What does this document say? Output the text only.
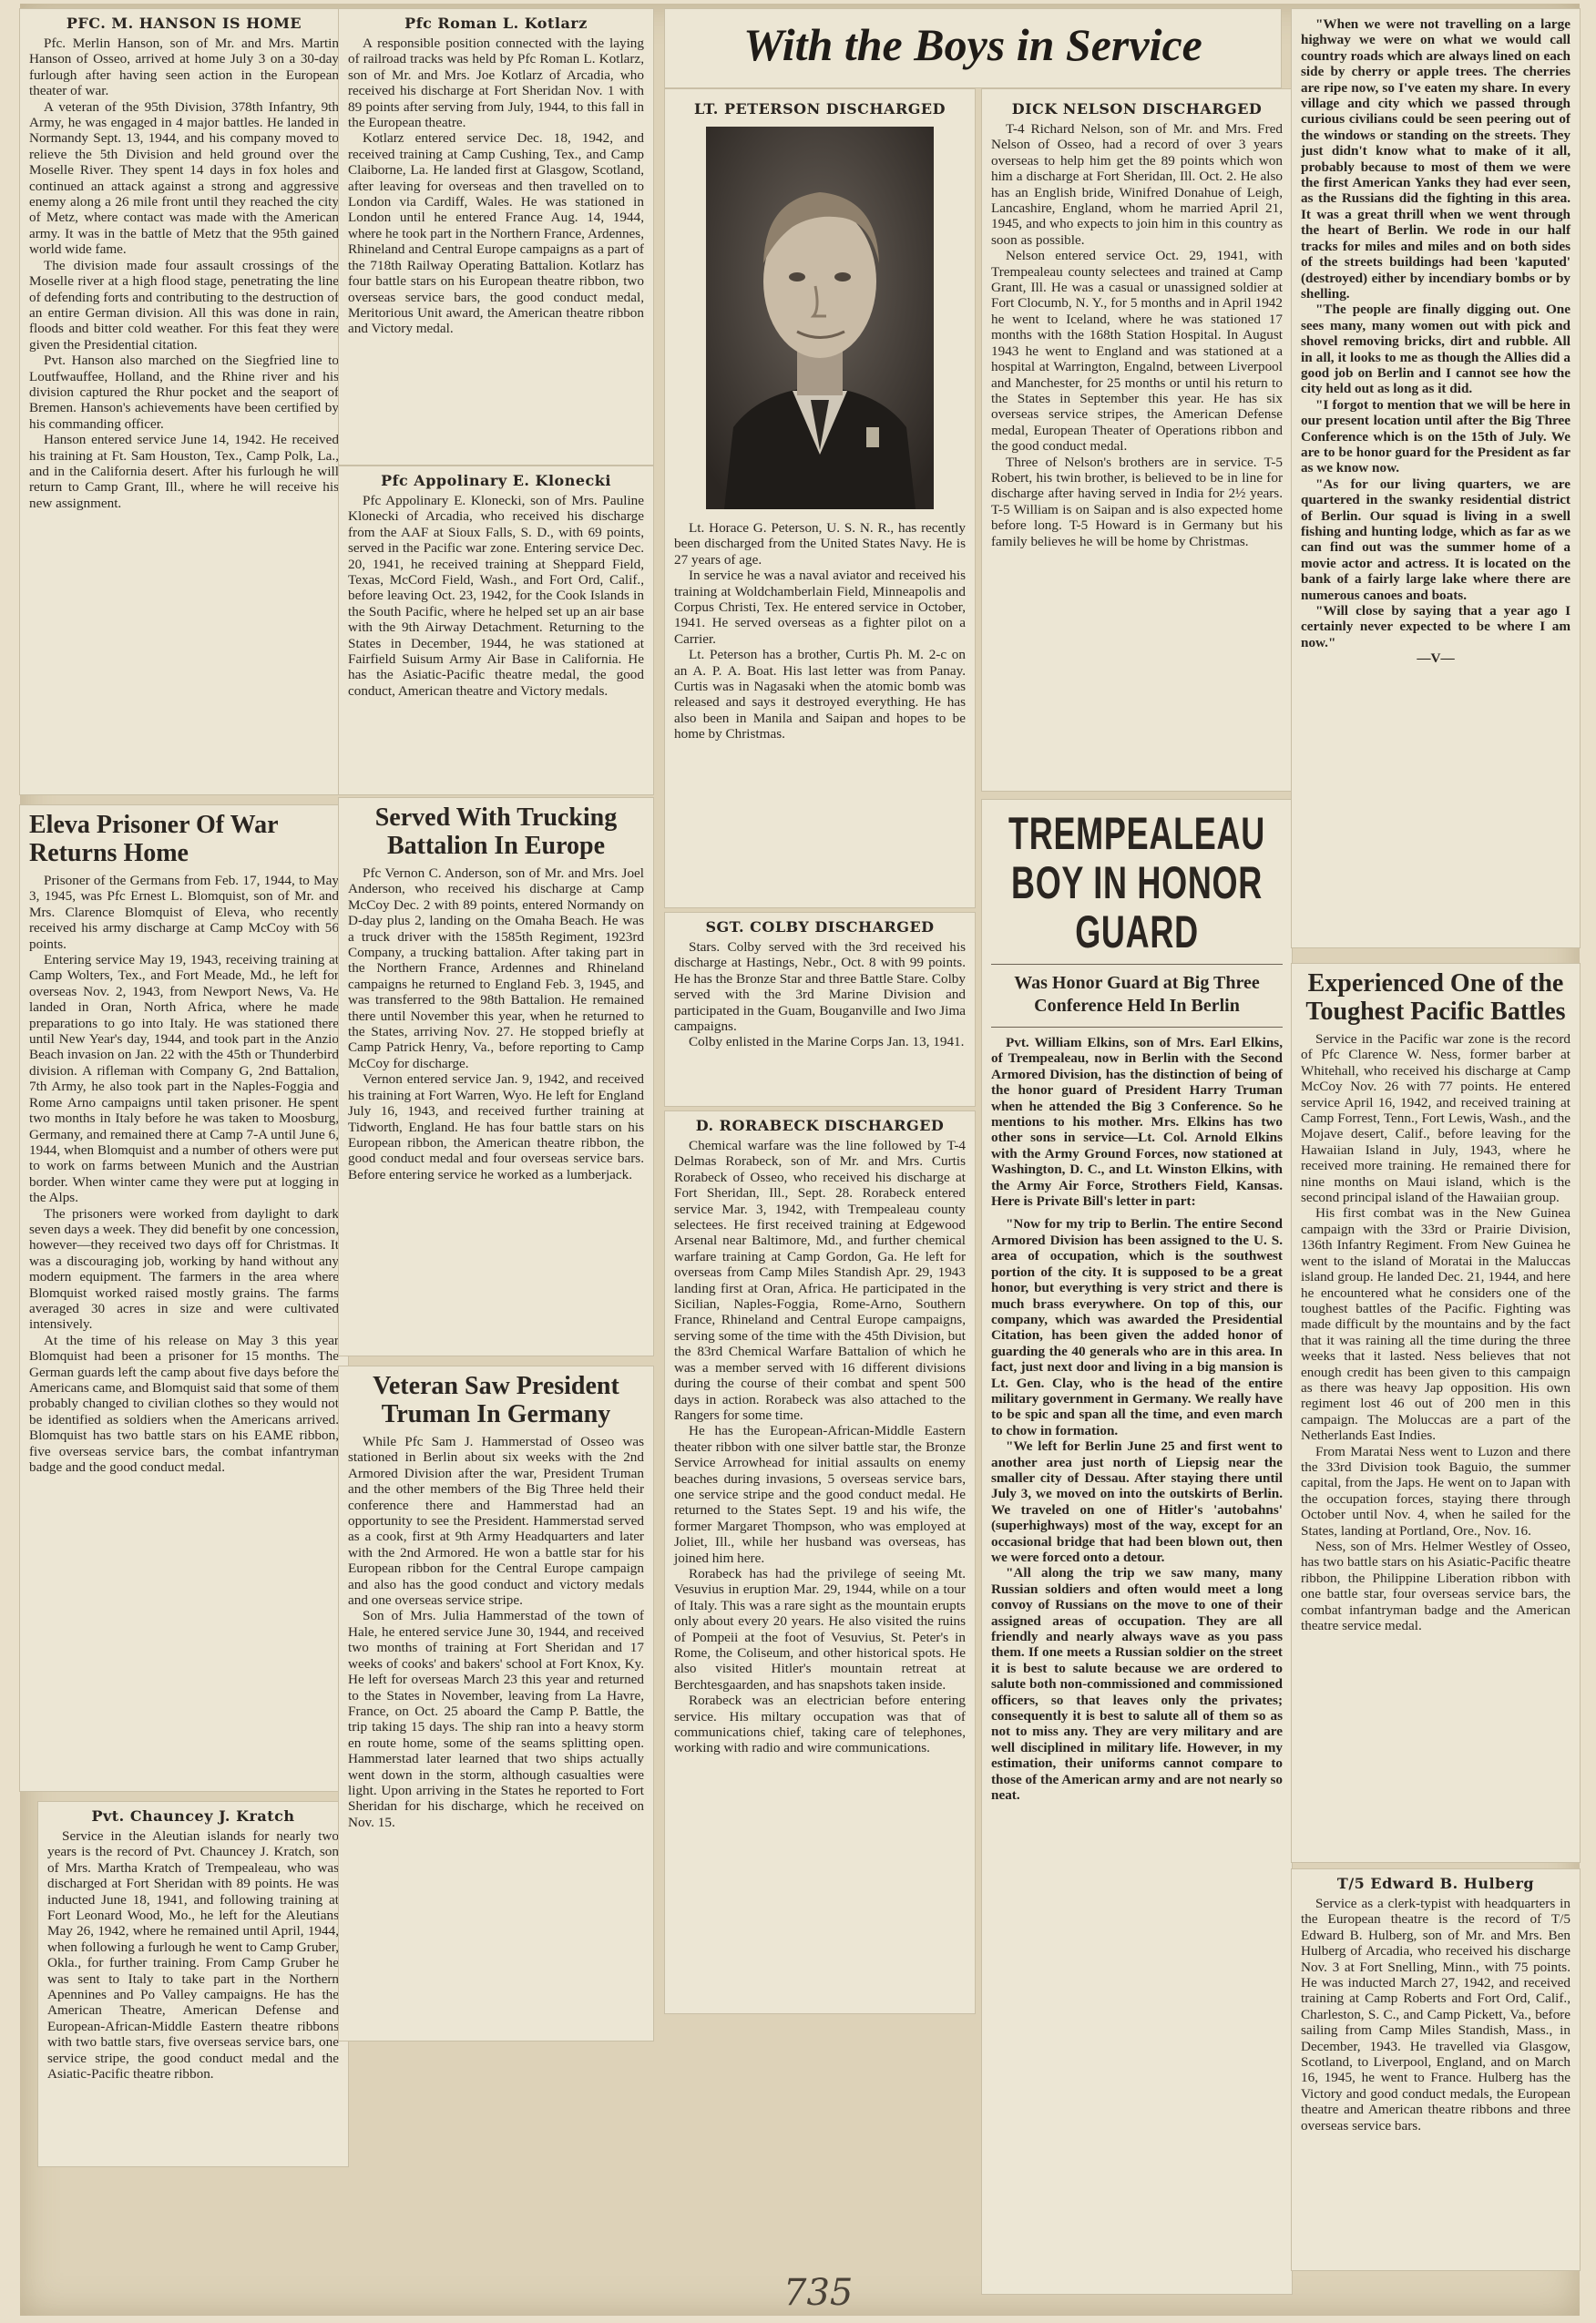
PFC. M. HANSON IS HOME

Pfc. Merlin Hanson, son of Mr. and Mrs. Martin Hanson of Osseo, arrived at home July 3 on a 30-day furlough after having seen action in the European theater of war.

A veteran of the 95th Division, 378th Infantry, 9th Army, he was engaged in 4 major battles. He landed in Normandy Sept. 13, 1944, and his company moved to relieve the 5th Division and held ground over the Moselle River. They spent 14 days in fox holes and continued an attack against a strong and aggressive enemy along a 26 mile front until they reached the city of Metz, where contact was made with the American army. It was in the battle of Metz that the 95th gained world wide fame.

The division made four assault crossings of the Moselle river at a high flood stage, penetrating the line of defending forts and contributing to the destruction of an entire German division. All this was done in rain, floods and bitter cold weather. For this feat they were given the Presidential citation.

Pvt. Hanson also marched on the Siegfried line to Loutfwauffee, Holland, and the Rhine river and his division captured the Rhur pocket and the seaport of Bremen. Hanson's achievements have been certified by his commanding officer.

Hanson entered service June 14, 1942. He received his training at Ft. Sam Houston, Tex., Camp Polk, La., and in the California desert. After his furlough he will return to Camp Grant, Ill., where he will receive his new assignment.

Eleva Prisoner Of War Returns Home

Prisoner of the Germans from Feb. 17, 1944, to May 3, 1945, was Pfc Ernest L. Blomquist, son of Mr. and Mrs. Clarence Blomquist of Eleva, who recently received his army discharge at Camp McCoy with 56 points.

Entering service May 19, 1943, receiving training at Camp Wolters, Tex., and Fort Meade, Md., he left for overseas Nov. 2, 1943, from Newport News, Va. He landed in Oran, North Africa, where he made preparations to go into Italy. He was stationed there until New Year's day, 1944, and took part in the Anzio Beach invasion on Jan. 22 with the 45th or Thunderbird division. A rifleman with Company G, 2nd Battalion, 7th Army, he also took part in the Naples-Foggia and Rome Arno campaigns until taken prisoner. He spent two months in Italy before he was taken to Moosburg, Germany, and remained there at Camp 7-A until June 6, 1944, when Blomquist and a number of others were put to work on farms between Munich and the Austrian border. When winter came they were put at logging in the Alps.

The prisoners were worked from daylight to dark seven days a week. They did benefit by one concession, however—they received two days off for Christmas. It was a discouraging job, working by hand without any modern equipment. The farmers in the area where Blomquist worked raised mostly grains. The farms averaged 30 acres in size and were cultivated intensively.

At the time of his release on May 3 this year Blomquist had been a prisoner for 15 months. The German guards left the camp about five days before the Americans came, and Blomquist said that some of them probably changed to civilian clothes so they would not be identified as soldiers when the Americans arrived. Blomquist has two battle stars on his EAME ribbon, five overseas service bars, the combat infantryman badge and the good conduct medal.

Pvt. Chauncey J. Kratch

Service in the Aleutian islands for nearly two years is the record of Pvt. Chauncey J. Kratch, son of Mrs. Martha Kratch of Trempealeau, who was discharged at Fort Sheridan with 89 points. He was inducted June 18, 1941, and following training at Fort Leonard Wood, Mo., he left for the Aleutians May 26, 1942, where he remained until April, 1944, when following a furlough he went to Camp Gruber, Okla., for further training. From Camp Gruber he was sent to Italy to take part in the Northern Apennines and Po Valley campaigns. He has the American Theatre, American Defense and European-African-Middle Eastern theatre ribbons with two battle stars, five overseas service bars, one service stripe, the good conduct medal and the Asiatic-Pacific theatre ribbon.

Pfc Roman L. Kotlarz

A responsible position connected with the laying of railroad tracks was held by Pfc Roman L. Kotlarz, son of Mr. and Mrs. Joe Kotlarz of Arcadia, who received his discharge at Fort Sheridan Nov. 1 with 89 points after serving from July, 1944, to this fall in the European theatre.

Kotlarz entered service Dec. 18, 1942, and received training at Camp Cushing, Tex., and Camp Claiborne, La. He landed first at Glasgow, Scotland, after leaving for overseas and then travelled on to London via Cardiff, Wales. He was stationed in London until he entered France Aug. 14, 1944, where he took part in the Northern France, Ardennes, Rhineland and Central Europe campaigns as a part of the 718th Railway Operating Battalion. Kotlarz has four battle stars on his European theatre ribbon, two overseas service bars, the good conduct medal, Meritorious Unit award, the American theatre ribbon and Victory medal.

Pfc Appolinary E. Klonecki

Pfc Appolinary E. Klonecki, son of Mrs. Pauline Klonecki of Arcadia, who received his discharge from the AAF at Sioux Falls, S. D., with 69 points, served in the Pacific war zone. Entering service Dec. 20, 1941, he received training at Sheppard Field, Texas, McCord Field, Wash., and Fort Ord, Calif., before leaving Oct. 23, 1942, for the Cook Islands in the South Pacific, where he helped set up an air base with the 9th Airway Detachment. Returning to the States in December, 1944, he was stationed at Fairfield Suisum Army Air Base in California. He has the Asiatic-Pacific theatre medal, the good conduct, American theatre and Victory medals.

Served With Trucking Battalion In Europe

Pfc Vernon C. Anderson, son of Mr. and Mrs. Joel Anderson, who received his discharge at Camp McCoy Dec. 2 with 89 points, entered Normandy on D-day plus 2, landing on the Omaha Beach. He was a truck driver with the 1585th Regiment, 1923rd Company, a trucking battalion. After taking part in the Northern France, Ardennes and Rhineland campaigns he returned to England Feb. 3, 1945, and was transferred to the 98th Battalion. He remained there until November this year, when he returned to the States, arriving Nov. 27. He stopped briefly at Camp Patrick Henry, Va., before reporting to Camp McCoy for discharge.

Vernon entered service Jan. 9, 1942, and received his training at Fort Warren, Wyo. He left for England July 16, 1943, and received further training at Tidworth, England. He has four battle stars on his European ribbon, the American theatre ribbon, the good conduct medal and four overseas service bars. Before entering service he worked as a lumberjack.

Veteran Saw President Truman In Germany

While Pfc Sam J. Hammerstad of Osseo was stationed in Berlin about six weeks with the 2nd Armored Division after the war, President Truman and the other members of the Big Three held their conference there and Hammerstad had an opportunity to see the President. Hammerstad served as a cook, first at 9th Army Headquarters and later with the 2nd Armored. He won a battle star for his European ribbon for the Central Europe campaign and also has the good conduct and victory medals and one overseas service stripe.

Son of Mrs. Julia Hammerstad of the town of Hale, he entered service June 30, 1944, and received two months of training at Fort Sheridan and 17 weeks of cooks' and bakers' school at Fort Knox, Ky. He left for overseas March 23 this year and returned to the States in November, leaving from La Havre, France, on Oct. 25 aboard the Camp P. Battle, the trip taking 15 days. The ship ran into a heavy storm en route home, some of the seams splitting open. Hammerstad later learned that two ships actually went down in the storm, although casualties were light. Upon arriving in the States he reported to Fort Sheridan for his discharge, which he received on Nov. 15.

With the Boys in Service
LT. PETERSON DISCHARGED

Lt. Horace G. Peterson, U. S. N. R., has recently been discharged from the United States Navy. He is 27 years of age.

In service he was a naval aviator and received his training at Woldchamberlain Field, Minneapolis and Corpus Christi, Tex. He entered service in October, 1941. He served overseas as a fighter pilot on a Carrier.

Lt. Peterson has a brother, Curtis Ph. M. 2-c on an A. P. A. Boat. His last letter was from Panay. Curtis was in Nagasaki when the atomic bomb was released and says it destroyed everything. He has also been in Manila and Saipan and hopes to be home by Christmas.

SGT. COLBY DISCHARGED

Stars. Colby served with the 3rd received his discharge at Hastings, Nebr., Oct. 8 with 99 points. He has the Bronze Star and three Battle Stare. Colby served with the 3rd Marine Division and participated in the Guam, Bouganville and Iwo Jima campaigns.

Colby enlisted in the Marine Corps Jan. 13, 1941.

D. RORABECK DISCHARGED

Chemical warfare was the line followed by T-4 Delmas Rorabeck, son of Mr. and Mrs. Curtis Rorabeck of Osseo, who received his discharge at Fort Sheridan, Ill., Sept. 28. Rorabeck entered service Mar. 3, 1942, with Trempealeau county selectees. He first received training at Edgewood Arsenal near Baltimore, Md., and further chemical warfare training at Camp Gordon, Ga. He left for overseas from Camp Miles Standish Apr. 29, 1943 landing first at Oran, Africa. He participated in the Sicilian, Naples-Foggia, Rome-Arno, Southern France, Rhineland and Central Europe campaigns, serving some of the time with the 45th Division, but the 83rd Chemical Warfare Battalion of which he was a member served with 16 different divisions during the course of their combat and spent 500 days in action. Rorabeck was also attached to the Rangers for some time.

He has the European-African-Middle Eastern theater ribbon with one silver battle star, the Bronze Service Arrowhead for initial assaults on enemy beaches during invasions, 5 overseas service bars, one service stripe and the good conduct medal. He returned to the States Sept. 19 and his wife, the former Margaret Thompson, who was employed at Joliet, Ill., while her husband was overseas, has joined him here.

Rorabeck has had the privilege of seeing Mt. Vesuvius in eruption Mar. 29, 1944, while on a tour of Italy. This was a rare sight as the mountain erupts only about every 20 years. He also visited the ruins of Pompeii at the foot of Vesuvius, St. Peter's in Rome, the Coliseum, and other historical spots. He also visited Hitler's mountain retreat at Berchtesgaarden, and has snapshots taken inside.

Rorabeck was an electrician before entering service. His miltary occupation was that of communications chief, taking care of telephones, working with radio and wire communications.

DICK NELSON DISCHARGED

T-4 Richard Nelson, son of Mr. and Mrs. Fred Nelson of Osseo, had a record of over 3 years overseas to help him get the 89 points which won him a discharge at Fort Sheridan, Ill. Oct. 2. He also has an English bride, Winifred Donahue of Leigh, Lancashire, England, whom he married April 21, 1945, and who expects to join him in this country as soon as possible.

Nelson entered service Oct. 29, 1941, with Trempealeau county selectees and trained at Camp Grant, Ill. He was a casual or unassigned soldier at Fort Clocumb, N. Y., for 5 months and in April 1942 he went to Iceland, where he was stationed 17 months with the 168th Station Hospital. In August 1943 he went to England and was stationed at a hospital at Warrington, Engalnd, between Liverpool and Manchester, for 25 months or until his return to the States in September this year. He has six overseas service stripes, the American Defense medal, European Theater of Operations ribbon and the good conduct medal.

Three of Nelson's brothers are in service. T-5 Robert, his twin brother, is believed to be in line for discharge after having served in India for 2½ years. T-5 William is on Saipan and is also expected home before long. T-5 Howard is in Germany but his family believes he will be home by Christmas.

TREMPEALEAU BOY IN HONOR GUARD
Was Honor Guard at Big Three Conference Held In Berlin

Pvt. William Elkins, son of Mrs. Earl Elkins, of Trempealeau, now in Berlin with the Second Armored Division, has the distinction of being of the honor guard of President Harry Truman when he attended the Big 3 Conference. So he mentions to his mother. Mrs. Elkins has two other sons in service—Lt. Col. Arnold Elkins with the Army Ground Forces, now stationed at Washington, D. C., and Lt. Winston Elkins, with the Army Air Force, Strothers Field, Kansas. Here is Private Bill's letter in part:

"Now for my trip to Berlin. The entire Second Armored Division has been assigned to the U. S. area of occupation, which is the southwest portion of the city. It is supposed to be a great honor, but everything is very strict and there is much brass everywhere. On top of this, our company, which was awarded the Presidential Citation, has been given the added honor of guarding the 40 generals who are in this area. In fact, just next door and living in a big mansion is Lt. Gen. Clay, who is the head of the entire military government in Germany. We really have to be spic and span all the time, and even march to chow in formation.

"We left for Berlin June 25 and first went to another area just north of Liepsig near the smaller city of Dessau. After staying there until July 3, we moved on into the outskirts of Berlin. We traveled on one of Hitler's 'autobahns' (superhighways) most of the way, except for an occasional bridge that had been blown out, then we were forced onto a detour.

"All along the trip we saw many, many Russian soldiers and often would meet a long convoy of Russians on the move to one of their assigned areas of occupation. They are all friendly and nearly always wave as you pass them. If one meets a Russian soldier on the street it is best to salute because we are ordered to salute both non-commissioned and commissioned officers, so that leaves only the privates; consequently it is best to salute all of them so as not to miss any. They are very military and are well disciplined in military life. However, in my estimation, their uniforms cannot compare to those of the American army and are not nearly so neat.

"When we were not travelling on a large highway we were on what we would call country roads which are always lined on each side by cherry or apple trees. The cherries are ripe now, so I've eaten my share. In every village and city which we passed through curious civilians could be seen peering out of the windows or standing on the streets. They just didn't know what to make of it all, probably because to most of them we were the first American Yanks they had ever seen, as the Russians did the fighting in this area. It was a great thrill when we went through the heart of Berlin. We rode in our half tracks for miles and miles and on both sides of the streets buildings had been 'kaputed' (destroyed) either by incendiary bombs or by shelling.

"The people are finally digging out. One sees many, many women out with pick and shovel removing bricks, dirt and rubble. All in all, it looks to me as though the Allies did a good job on Berlin and I cannot see how the city held out as long as it did.

"I forgot to mention that we will be here in our present location until after the Big Three Conference which is on the 15th of July. We are to be honor guard for the President as far as we know now.

"As for our living quarters, we are quartered in the swanky residential district of Berlin. Our squad is living in a swell fishing and hunting lodge, which as far as we can find out was the summer home of a movie actor and actress. It is located on the bank of a fairly large lake where there are numerous canoes and boats.

"Will close by saying that a year ago I certainly never expected to be where I am now."

—V—

Experienced One of the Toughest Pacific Battles

Service in the Pacific war zone is the record of Pfc Clarence W. Ness, former barber at Whitehall, who received his discharge at Camp McCoy Nov. 26 with 77 points. He entered service April 16, 1942, and received training at Camp Forrest, Tenn., Fort Lewis, Wash., and the Mojave desert, Calif., before leaving for the Hawaiian Island in July, 1943, where he received more training. He remained there for nine months on Maui island, which is the second principal island of the Hawaiian group.

His first combat was in the New Guinea campaign with the 33rd or Prairie Division, 136th Infantry Regiment. From New Guinea he went to the island of Moratai in the Maluccas island group. He landed Dec. 21, 1944, and here he encountered what he considers one of the toughest battles of the Pacific. Fighting was made difficult by the mountains and by the fact that it was raining all the time during the three weeks that it lasted. Ness believes that not enough credit has been given to this campaign as there was heavy Jap opposition. His own regiment lost 46 out of 200 men in this campaign. The Moluccas are a part of the Netherlands East Indies.

From Maratai Ness went to Luzon and there the 33rd Division took Baguio, the summer capital, from the Japs. He went on to Japan with the occupation forces, staying there through October until Nov. 4, when he sailed for the States, landing at Portland, Ore., Nov. 16.

Ness, son of Mrs. Helmer Westley of Osseo, has two battle stars on his Asiatic-Pacific theatre ribbon, the Philippine Liberation ribbon with one battle star, four overseas service bars, the combat infantryman badge and the American theatre service medal.

T/5 Edward B. Hulberg

Service as a clerk-typist with headquarters in the European theatre is the record of T/5 Edward B. Hulberg, son of Mr. and Mrs. Ben Hulberg of Arcadia, who received his discharge Nov. 3 at Fort Snelling, Minn., with 75 points. He was inducted March 27, 1942, and received training at Camp Roberts and Fort Ord, Calif., Charleston, S. C., and Camp Pickett, Va., before sailing from Camp Miles Standish, Mass., in December, 1943. He travelled via Glasgow, Scotland, to Liverpool, England, and on March 16, 1945, he went to France. Hulberg has the Victory and good conduct medals, the European theatre and American theatre ribbons and three overseas service bars.

735
